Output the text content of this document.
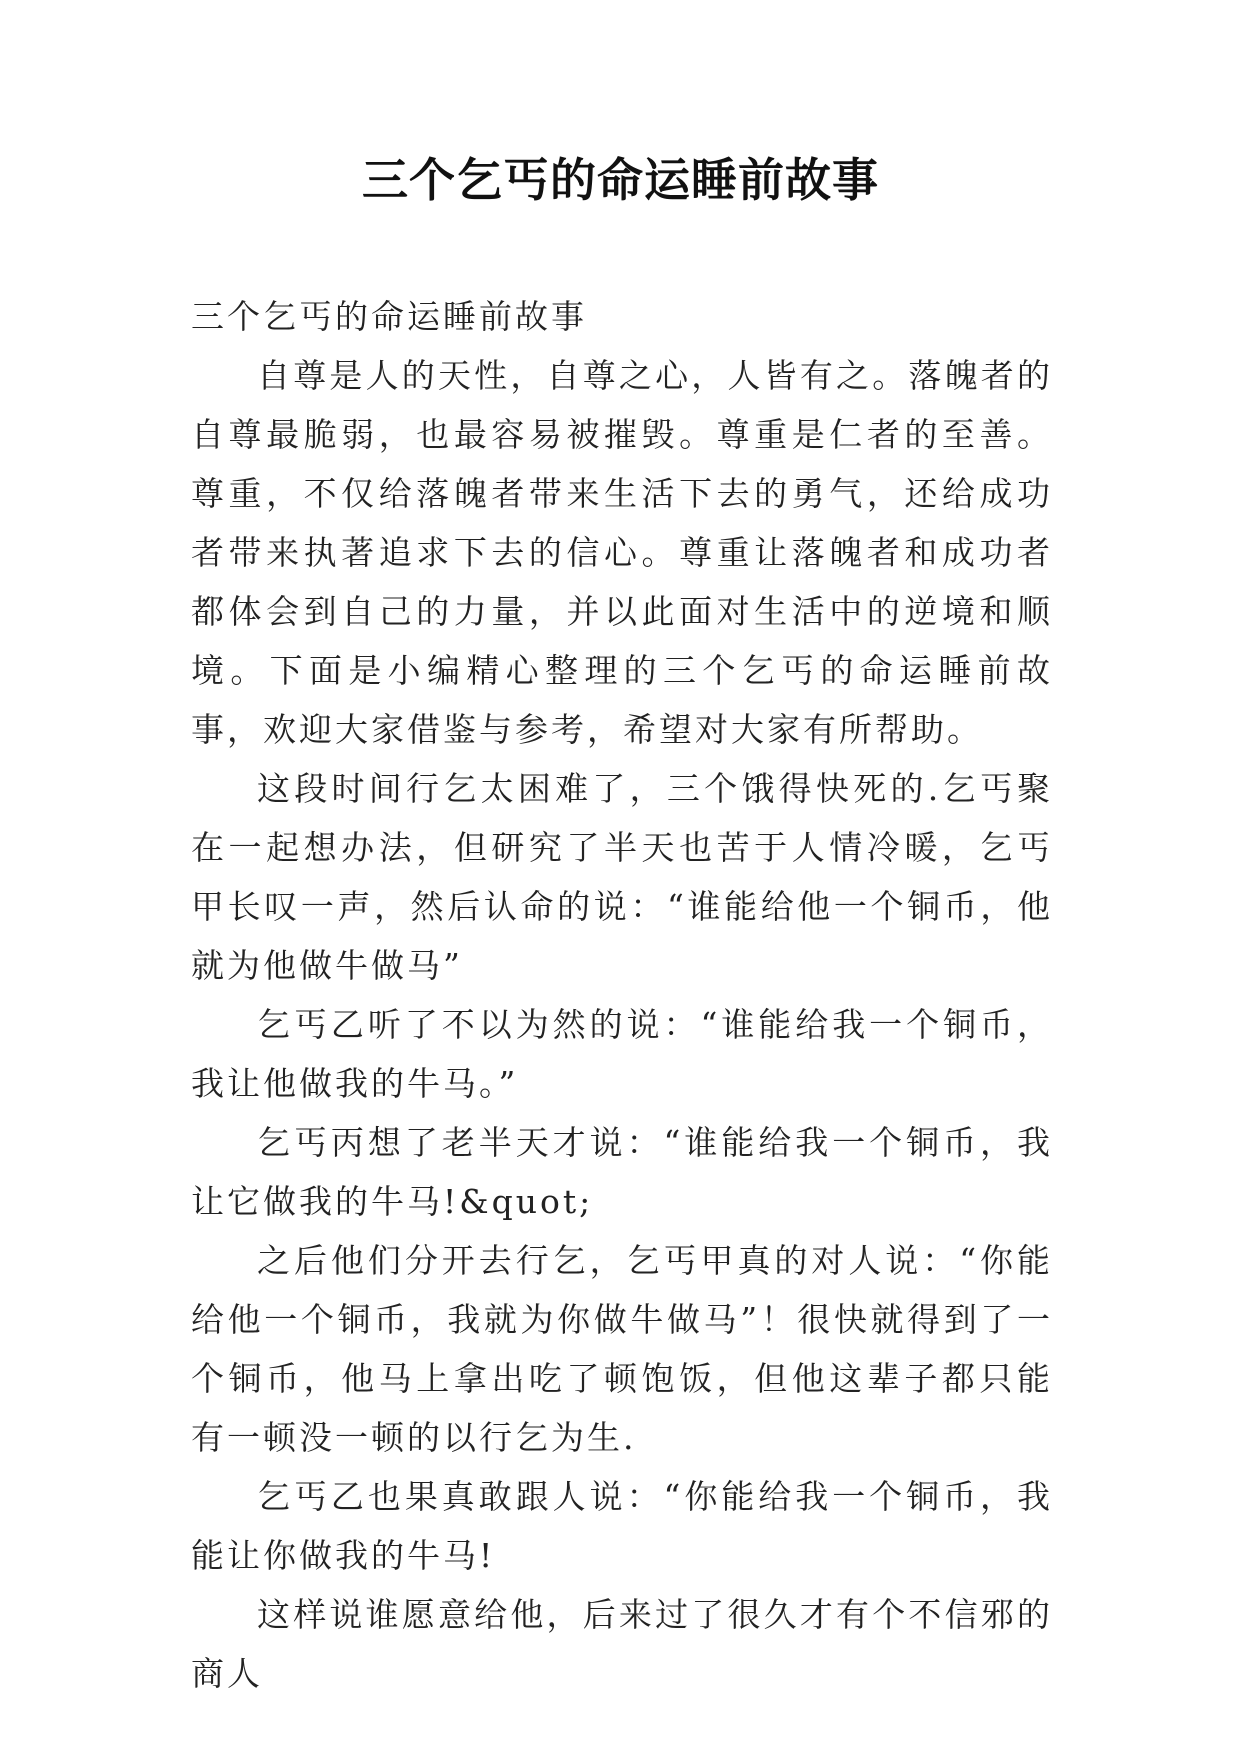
三个乞丐的命运睡前故事

三个乞丐的命运睡前故事

自尊是人的天性，自尊之心，人皆有之。落魄者的自尊最脆弱，也最容易被摧毁。尊重是仁者的至善。尊重，不仅给落魄者带来生活下去的勇气，还给成功者带来执著追求下去的信心。尊重让落魄者和成功者都体会到自己的力量，并以此面对生活中的逆境和顺境。下面是小编精心整理的三个乞丐的命运睡前故事，欢迎大家借鉴与参考，希望对大家有所帮助。

这段时间行乞太困难了，三个饿得快死的.乞丐聚在一起想办法，但研究了半天也苦于人情冷暖，乞丐甲长叹一声，然后认命的说：“谁能给他一个铜币，他就为他做牛做马”

乞丐乙听了不以为然的说：“谁能给我一个铜币，我让他做我的牛马。”

乞丐丙想了老半天才说：“谁能给我一个铜币，我让它做我的牛马!&quot;

之后他们分开去行乞，乞丐甲真的对人说：“你能给他一个铜币，我就为你做牛做马”！很快就得到了一个铜币，他马上拿出吃了顿饱饭，但他这辈子都只能有一顿没一顿的以行乞为生.

乞丐乙也果真敢跟人说：“你能给我一个铜币，我能让你做我的牛马!

这样说谁愿意给他，后来过了很久才有个不信邪的商人
